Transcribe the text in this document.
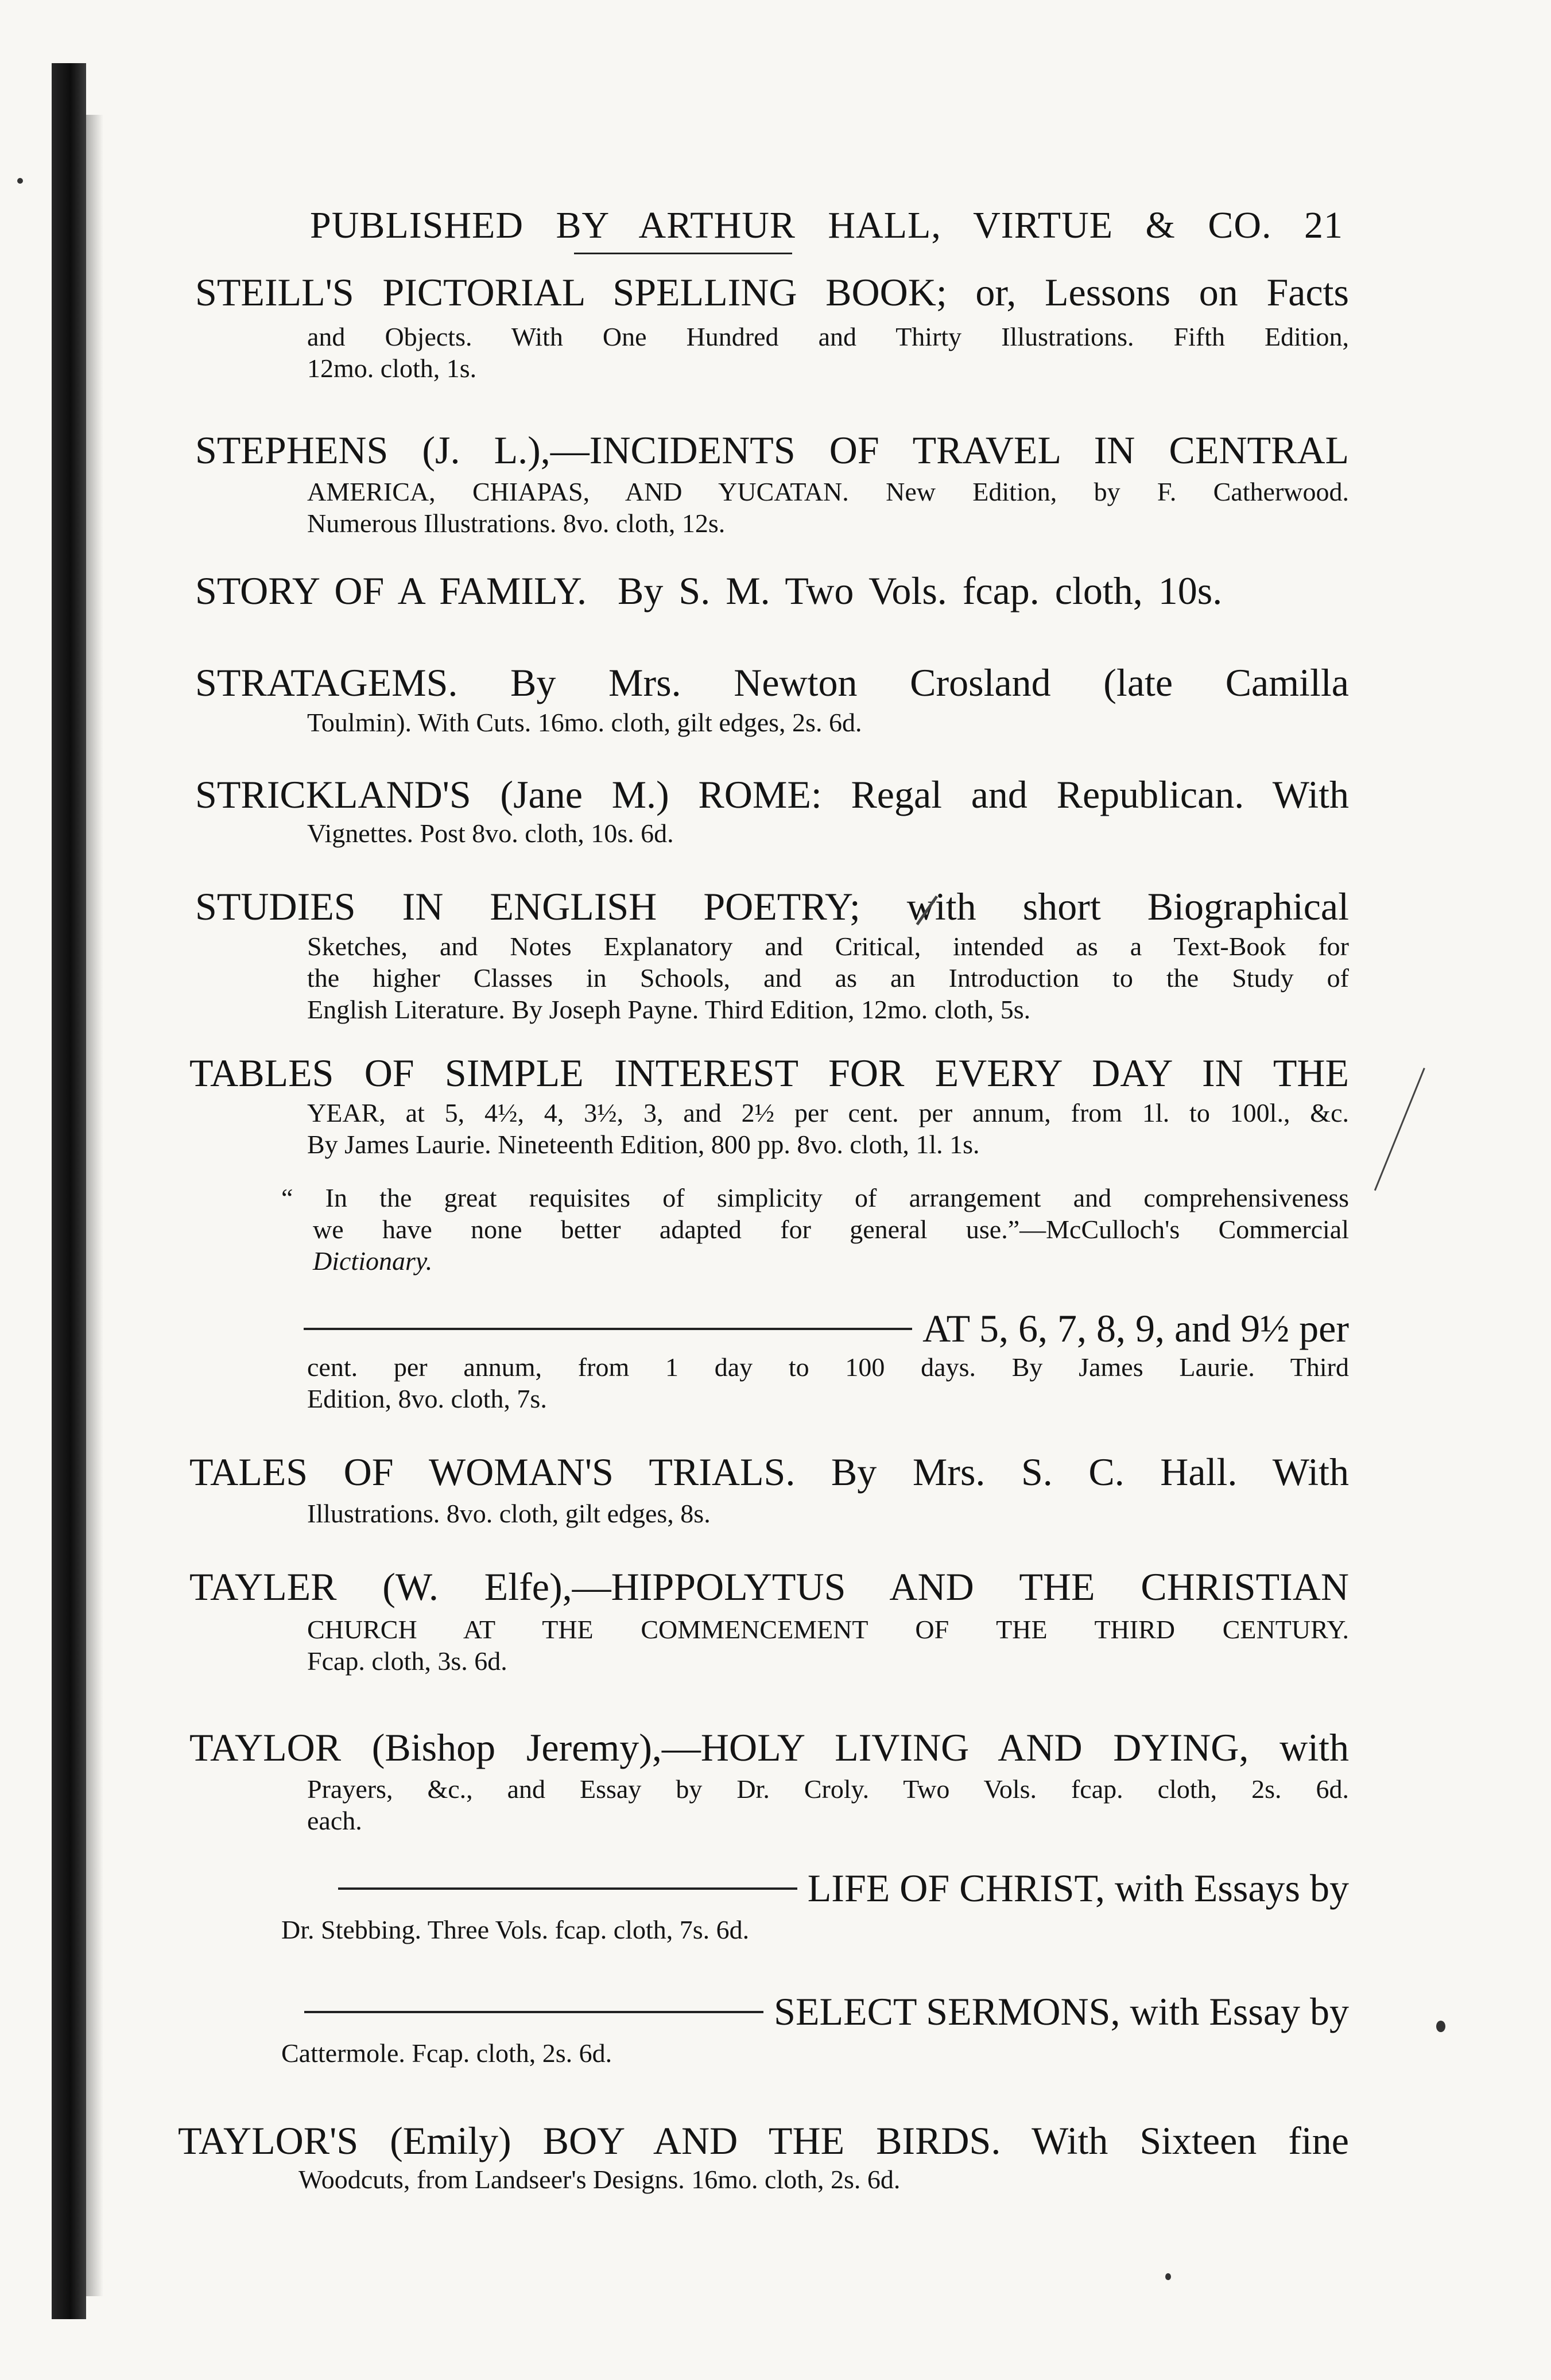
PUBLISHED BY ARTHUR HALL, VIRTUE & CO. 21

STEILL'S PICTORIAL SPELLING BOOK; or, Lessons on Facts

and Objects. With One Hundred and Thirty Illustrations. Fifth Edition,

12mo. cloth, 1s.

STEPHENS (J. L.),—INCIDENTS OF TRAVEL IN CENTRAL

AMERICA, CHIAPAS, AND YUCATAN. New Edition, by F. Catherwood.

Numerous Illustrations. 8vo. cloth, 12s.

STORY OF A FAMILY. By S. M. Two Vols. fcap. cloth, 10s.

STRATAGEMS. By Mrs. Newton Crosland (late Camilla

Toulmin). With Cuts. 16mo. cloth, gilt edges, 2s. 6d.

STRICKLAND'S (Jane M.) ROME: Regal and Republican. With

Vignettes. Post 8vo. cloth, 10s. 6d.

STUDIES IN ENGLISH POETRY; with short Biographical

Sketches, and Notes Explanatory and Critical, intended as a Text-Book for

the higher Classes in Schools, and as an Introduction to the Study of

English Literature. By Joseph Payne. Third Edition, 12mo. cloth, 5s.

TABLES OF SIMPLE INTEREST FOR EVERY DAY IN THE

YEAR, at 5, 4½, 4, 3½, 3, and 2½ per cent. per annum, from 1l. to 100l., &c.

By James Laurie. Nineteenth Edition, 800 pp. 8vo. cloth, 1l. 1s.

“ In the great requisites of simplicity of arrangement and comprehensiveness

we have none better adapted for general use.”—McCulloch's Commercial

Dictionary.

AT 5, 6, 7, 8, 9, and 9½ per

cent. per annum, from 1 day to 100 days. By James Laurie. Third

Edition, 8vo. cloth, 7s.

TALES OF WOMAN'S TRIALS. By Mrs. S. C. Hall. With

Illustrations. 8vo. cloth, gilt edges, 8s.

TAYLER (W. Elfe),—HIPPOLYTUS AND THE CHRISTIAN

CHURCH AT THE COMMENCEMENT OF THE THIRD CENTURY.

Fcap. cloth, 3s. 6d.

TAYLOR (Bishop Jeremy),—HOLY LIVING AND DYING, with

Prayers, &c., and Essay by Dr. Croly. Two Vols. fcap. cloth, 2s. 6d.

each.

LIFE OF CHRIST, with Essays by

Dr. Stebbing. Three Vols. fcap. cloth, 7s. 6d.

SELECT SERMONS, with Essay by

Cattermole. Fcap. cloth, 2s. 6d.

TAYLOR'S (Emily) BOY AND THE BIRDS. With Sixteen fine

Woodcuts, from Landseer's Designs. 16mo. cloth, 2s. 6d.
